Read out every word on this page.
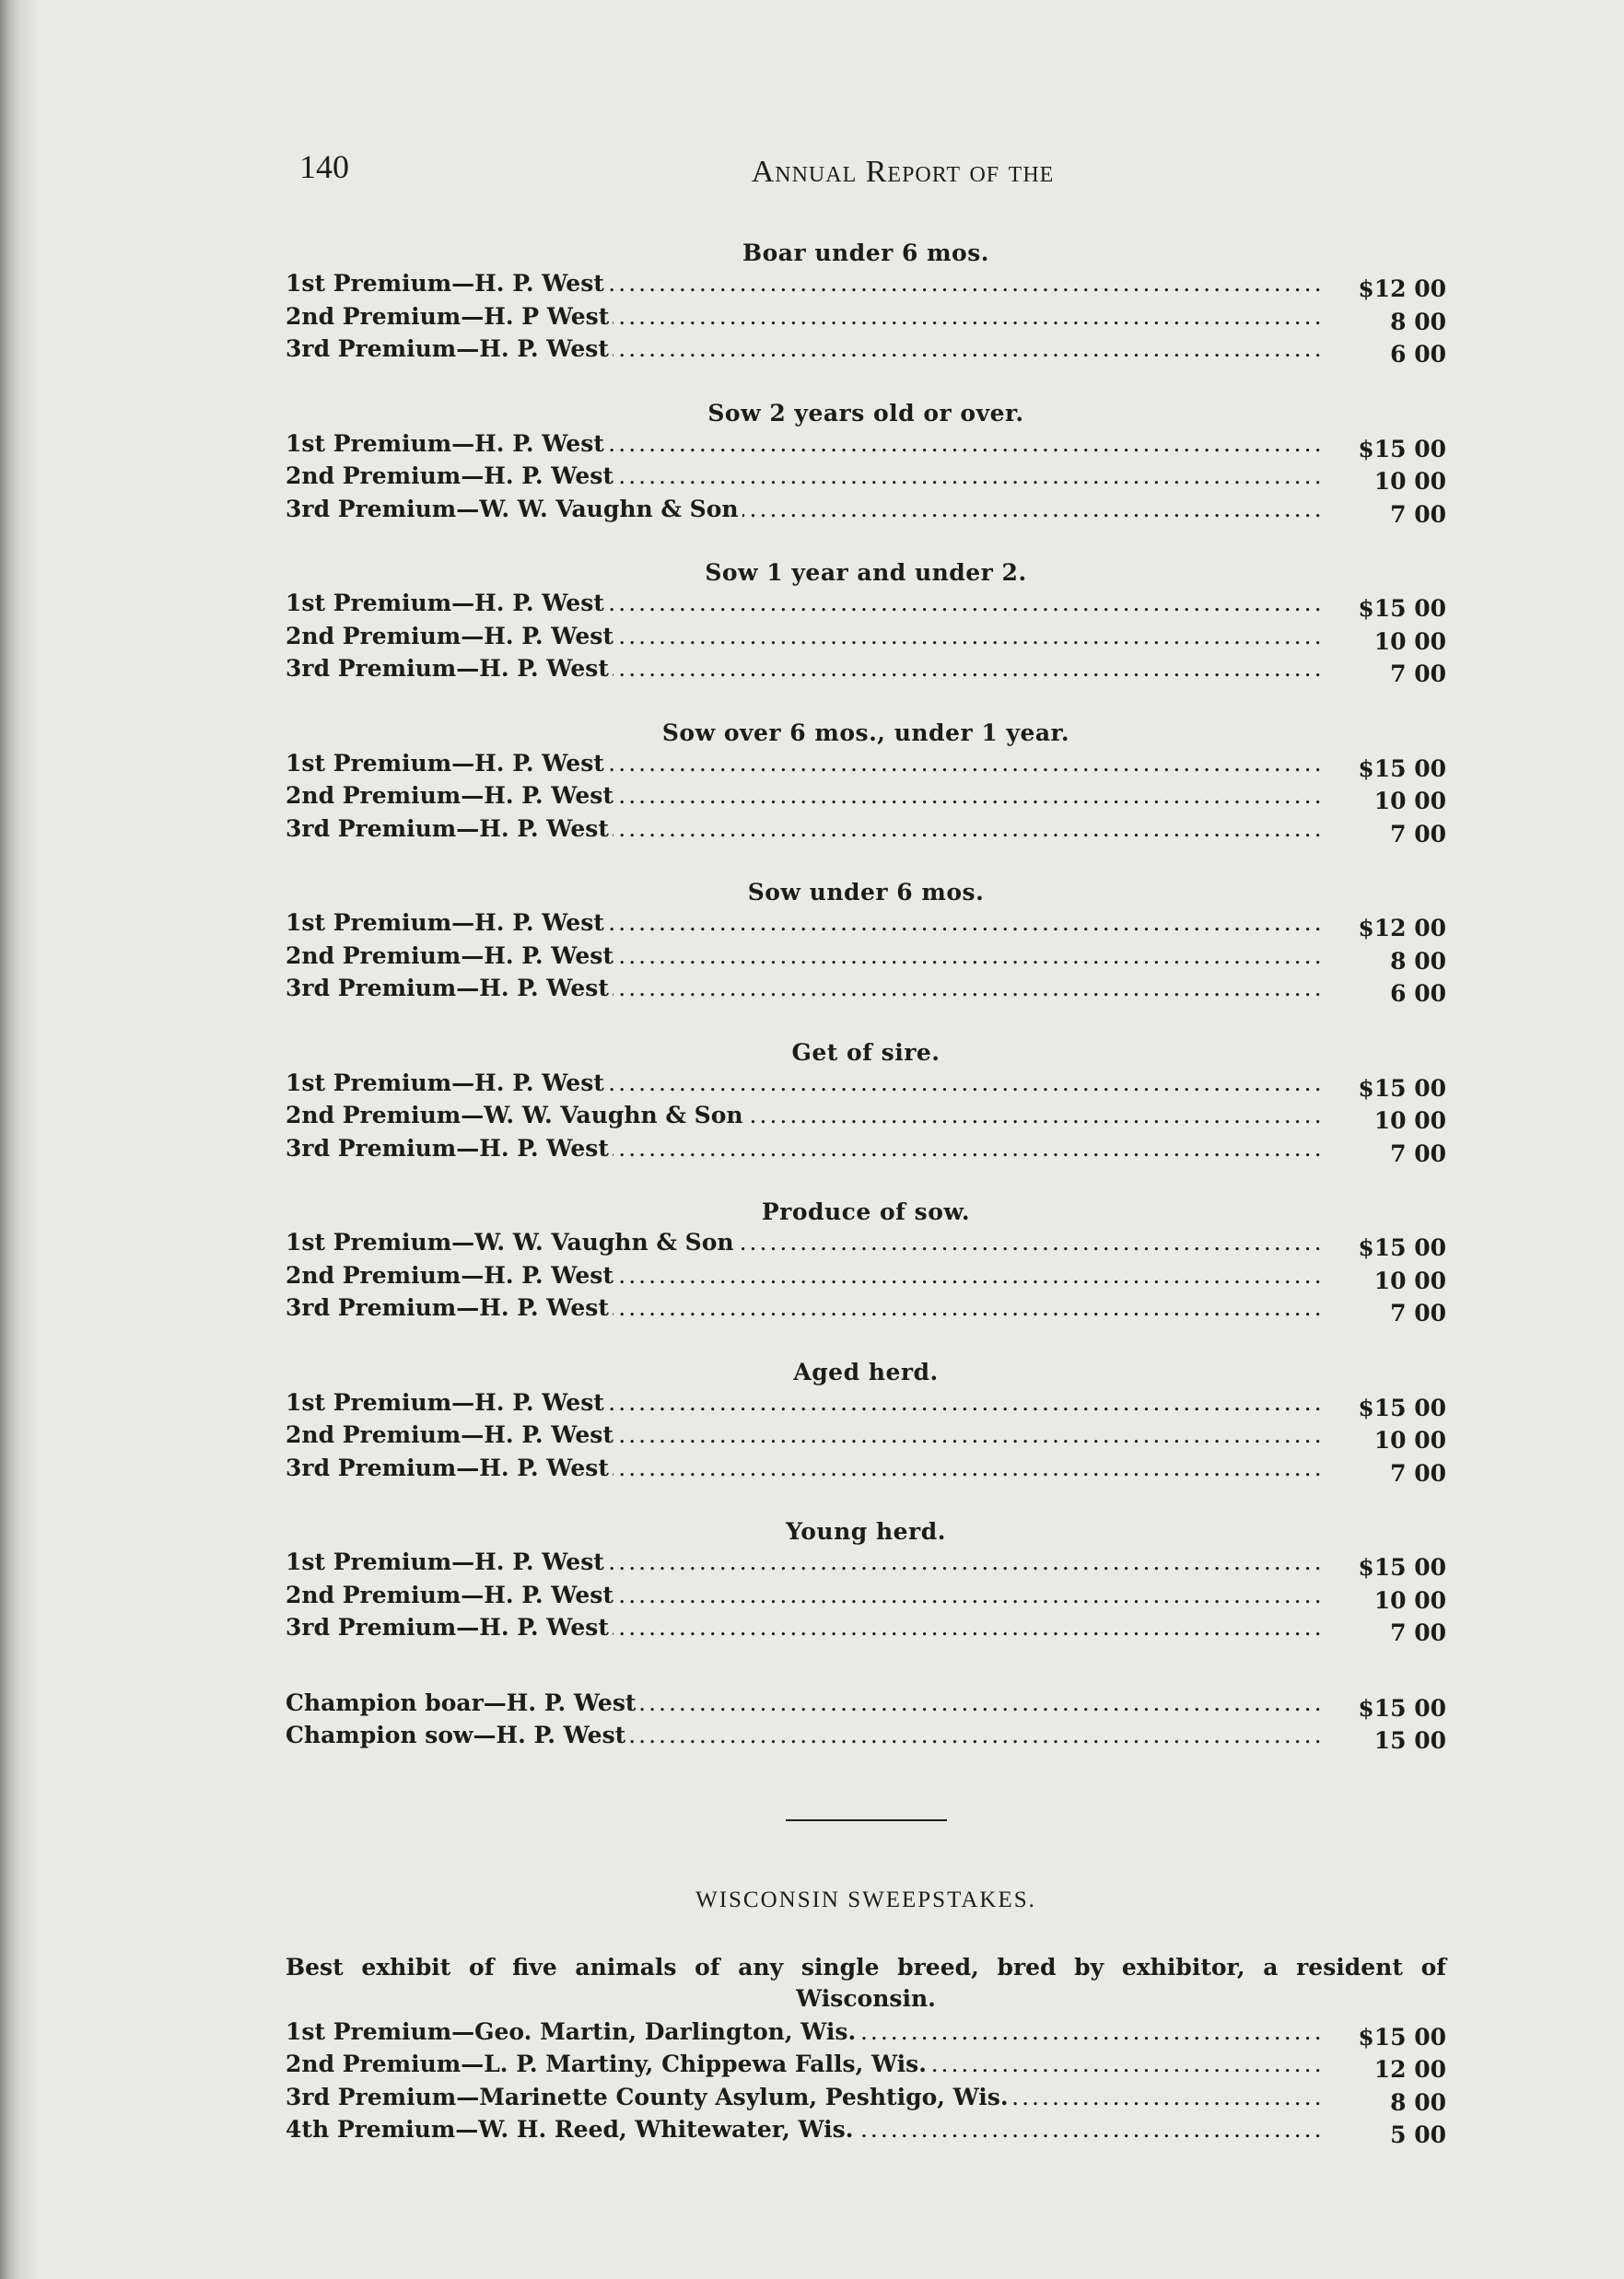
140	Annual Report of the
Boar under 6 mos.
1st Premium—H. P. West .....	$12 00
2nd Premium—H. P West .....	8 00
3rd Premium—H. P. West .....	6 00
Sow 2 years old or over.
1st Premium—H. P. West .....	$15 00
2nd Premium—H. P. West .....	10 00
3rd Premium—W. W. Vaughn & Son .....	7 00
Sow 1 year and under 2.
1st Premium—H. P. West .....	$15 00
2nd Premium—H. P. West .....	10 00
3rd Premium—H. P. West .....	7 00
Sow over 6 mos., under 1 year.
1st Premium—H. P. West .....	$15 00
2nd Premium—H. P. West .....	10 00
3rd Premium—H. P. West .....	7 00
Sow under 6 mos.
1st Premium—H. P. West .....	$12 00
2nd Premium—H. P. West .....	8 00
3rd Premium—H. P. West .....	6 00
Get of sire.
1st Premium—H. P. West .....	$15 00
2nd Premium—W. W. Vaughn & Son .....	10 00
3rd Premium—H. P. West .....	7 00
Produce of sow.
1st Premium—W. W. Vaughn & Son .....	$15 00
2nd Premium—H. P. West .....	10 00
3rd Premium—H. P. West .....	7 00
Aged herd.
1st Premium—H. P. West .....	$15 00
2nd Premium—H. P. West .....	10 00
3rd Premium—H. P. West .....	7 00
Young herd.
1st Premium—H. P. West .....	$15 00
2nd Premium—H. P. West .....	10 00
3rd Premium—H. P. West .....	7 00
Champion boar—H. P. West .....	$15 00
Champion sow—H. P. West .....	15 00
WISCONSIN SWEEPSTAKES.
Best exhibit of five animals of any single breed, bred by exhibitor, a resident of Wisconsin.
1st Premium—Geo. Martin, Darlington, Wis. .....	$15 00
2nd Premium—L. P. Martiny, Chippewa Falls, Wis. .....	12 00
3rd Premium—Marinette County Asylum, Peshtigo, Wis. .....	8 00
4th Premium—W. H. Reed, Whitewater, Wis. .....	5 00
